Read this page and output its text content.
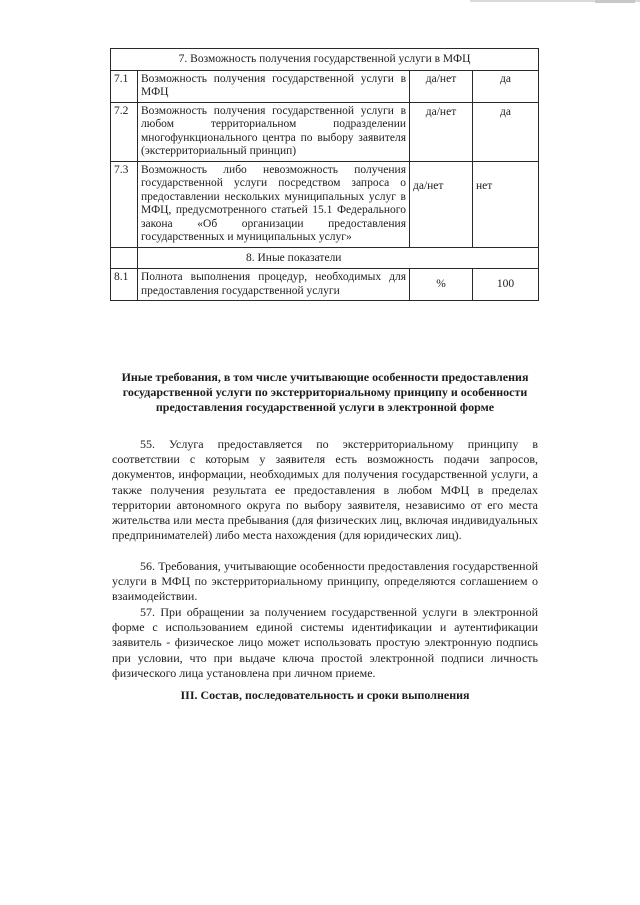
7. Возможность получения государственной услуги в МФЦ			
7.1	Возможность получения государственной услуги в МФЦ	да/нет	да
7.2	Возможность получения государственной услуги в любом территориальном подразделении многофункционального центра по выбору заявителя (экстерриториальный принцип)	да/нет	да
7.3	Возможность либо невозможность получения государственной услуги посредством запроса о предоставлении нескольких муниципальных услуг в МФЦ, предусмотренного статьей 15.1 Федерального закона «Об организации предоставления государственных и муниципальных услуг»	да/нет	нет
	8. Иные показатели		
8.1	Полнота выполнения процедур, необходимых для предоставления государственной услуги	%	100
Иные требования, в том числе учитывающие особенности предоставления государственной услуги по экстерриториальному принципу и особенности предоставления государственной услуги в электронной форме

55. Услуга предоставляется по экстерриториальному принципу в соответствии с которым у заявителя есть возможность подачи запросов, документов, информации, необходимых для получения государственной услуги, а также получения результата ее предоставления в любом МФЦ в пределах территории автономного округа по выбору заявителя, независимо от его места жительства или места пребывания (для физических лиц, включая индивидуальных предпринимателей) либо места нахождения (для юридических лиц).

56. Требования, учитывающие особенности предоставления государственной услуги в МФЦ по экстерриториальному принципу, определяются соглашением о взаимодействии.

57. При обращении за получением государственной услуги в электронной форме с использованием единой системы идентификации и аутентификации заявитель - физическое лицо может использовать простую электронную подпись при условии, что при выдаче ключа простой электронной подписи личность физического лица установлена при личном приеме.

III. Состав, последовательность и сроки выполнения
